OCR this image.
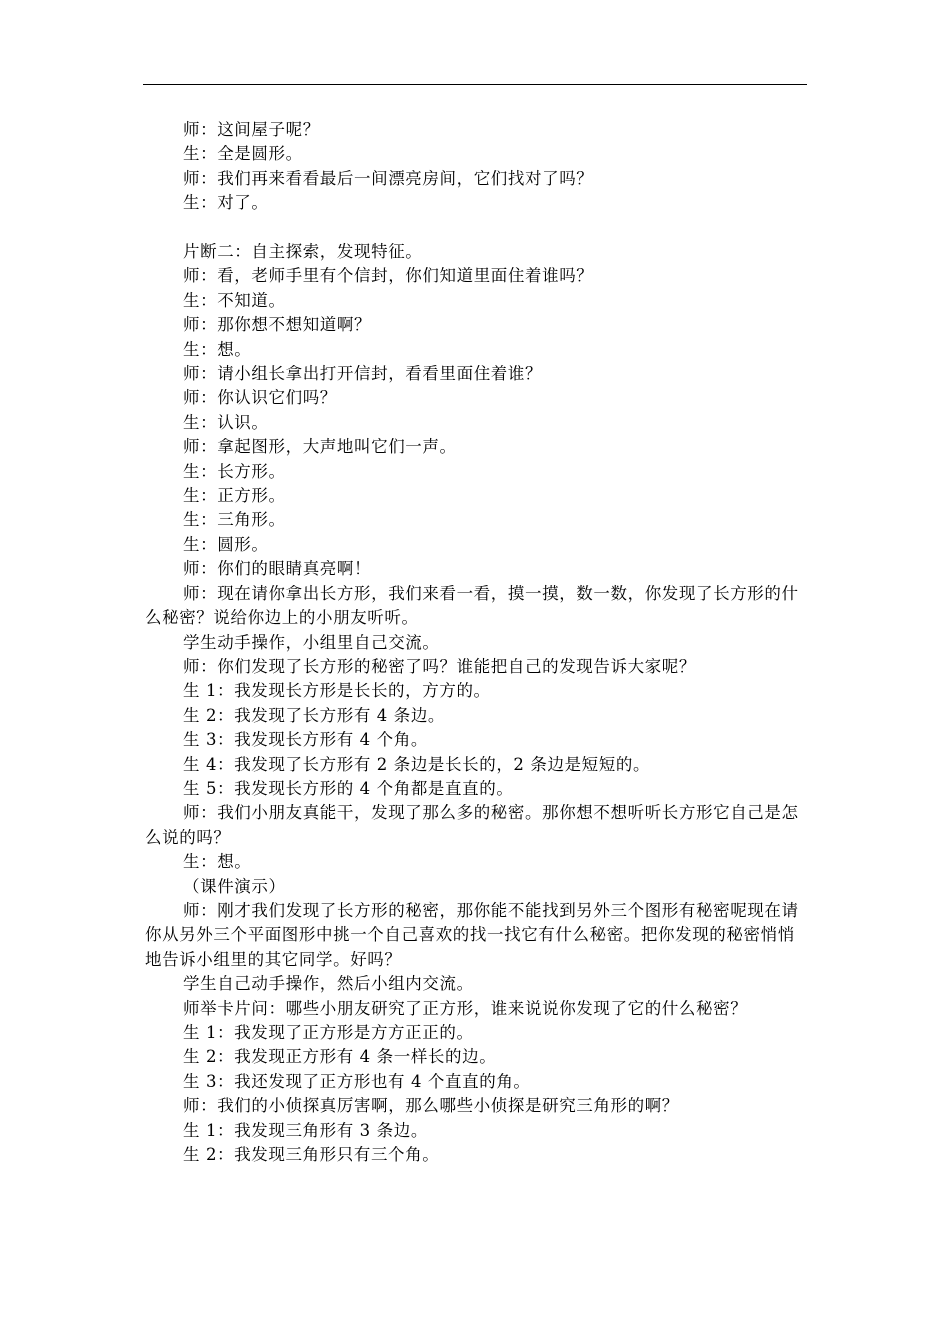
师：这间屋子呢？

生：全是圆形。

师：我们再来看看最后一间漂亮房间，它们找对了吗？

生：对了。

片断二：自主探索，发现特征。

师：看，老师手里有个信封，你们知道里面住着谁吗？

生：不知道。

师：那你想不想知道啊？

生：想。

师：请小组长拿出打开信封，看看里面住着谁？

师：你认识它们吗？

生：认识。

师：拿起图形，大声地叫它们一声。

生：长方形。

生：正方形。

生：三角形。

生：圆形。

师：你们的眼睛真亮啊！

师：现在请你拿出长方形，我们来看一看，摸一摸，数一数，你发现了长方形的什么秘密？说给你边上的小朋友听听。

学生动手操作，小组里自己交流。

师：你们发现了长方形的秘密了吗？谁能把自己的发现告诉大家呢？

生 1：我发现长方形是长长的，方方的。

生 2：我发现了长方形有 4 条边。

生 3：我发现长方形有 4 个角。

生 4：我发现了长方形有 2 条边是长长的，2 条边是短短的。

生 5：我发现长方形的 4 个角都是直直的。

师：我们小朋友真能干，发现了那么多的秘密。那你想不想听听长方形它自己是怎么说的吗？

生：想。

（课件演示）

师：刚才我们发现了长方形的秘密，那你能不能找到另外三个图形有秘密呢现在请你从另外三个平面图形中挑一个自己喜欢的找一找它有什么秘密。把你发现的秘密悄悄地告诉小组里的其它同学。好吗？

学生自己动手操作，然后小组内交流。

师举卡片问：哪些小朋友研究了正方形，谁来说说你发现了它的什么秘密？

生 1：我发现了正方形是方方正正的。

生 2：我发现正方形有 4 条一样长的边。

生 3：我还发现了正方形也有 4 个直直的角。

师：我们的小侦探真厉害啊，那么哪些小侦探是研究三角形的啊？

生 1：我发现三角形有 3 条边。

生 2：我发现三角形只有三个角。
